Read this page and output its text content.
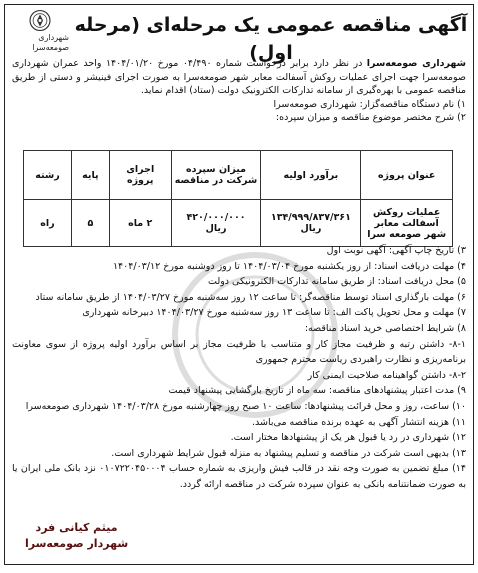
شهرداری صومعه‌سرا
آگهی مناقصه عمومی یک مرحله‌ای (مرحله اول)	شهرداری صومعه‌سرا در نظر دارد برابر درخواست شماره ۰۴/۴۹۰ مورخ ۱۴۰۴/۰۱/۲۰ واحد عمران شهرداری صومعه‌سرا جهت اجرای عملیات روکش آسفالت معابر شهر صومعه‌سرا به صورت اجرای فینیشر و دستی از طریق مناقصه عمومی با بهره‌گیری از سامانه تدارکات الکترونیک دولت (ستاد) اقدام نماید.
۱) نام دستگاه مناقصه‌گزار: شهرداری صومعه‌سرا
۲) شرح مختصر موضوع مناقصه و میزان سپرده:
عنوان پروژه	برآورد اولیه	میزان سپرده شرکت در مناقصه	اجرای پروژه	پایه	رشته
عملیات روکش آسفالت معابر شهر صومعه سرا	۱۳۴/۹۹۹/۸۳۷/۳۶۱ ریال	۴۲۰/۰۰۰/۰۰۰ ریال	۲ ماه	۵	راه
۳) تاریخ چاپ آگهی: آگهی نوبت اول
۴) مهلت دریافت اسناد: از روز یکشنبه مورخ ۱۴۰۴/۰۳/۰۴ تا روز دوشنبه مورخ ۱۴۰۴/۰۳/۱۲
۵) محل دریافت اسناد: از طریق سامانه تدارکات الکترونیکی دولت
۶) مهلت بارگذاری اسناد توسط مناقصه‌گر: تا ساعت ۱۲ روز سه‌شنبه مورخ ۱۴۰۴/۰۳/۲۷ از طریق سامانه ستاد
۷) مهلت و محل تحویل پاکت الف: تا ساعت ۱۳ روز سه‌شنبه مورخ ۱۴۰۴/۰۳/۲۷ دبیرخانه شهرداری
۸) شرایط اختصاصی خرید اسناد مناقصه:
۸-۱- داشتن رتبه و ظرفیت مجاز کار و متناسب با ظرفیت مجاز بر اساس برآورد اولیه پروژه از سوی معاونت برنامه‌ریزی و نظارت راهبردی ریاست محترم جمهوری
۸-۲- داشتن گواهینامه صلاحیت ایمنی کار
۹) مدت اعتبار پیشنهادهای مناقصه: سه ماه از تاریخ بارگشایی پیشنهاد قیمت
۱۰) ساعت، روز و محل قرائت پیشنهادها: ساعت ۱۰ صبح روز چهارشنبه مورخ ۱۴۰۴/۰۳/۲۸ شهرداری صومعه‌سرا
۱۱) هزینه انتشار آگهی به عهده برنده مناقصه می‌باشد.
۱۲) شهرداری در رد یا قبول هر یک از پیشنهادها مختار است.
۱۳) بدیهی است شرکت در مناقصه و تسلیم پیشنهاد به منزله قبول شرایط شهرداری است.
۱۴) مبلغ تضمین به صورت وجه نقد در قالب فیش واریزی به شماره حساب ۰۱۰۷۲۲۰۴۵۰۰۰۴ نزد بانک ملی ایران یا به صورت ضمانتنامه بانکی به عنوان سپرده شرکت در مناقصه ارائه گردد.
میثم کیانی فرد
شهردار صومعه‌سرا
